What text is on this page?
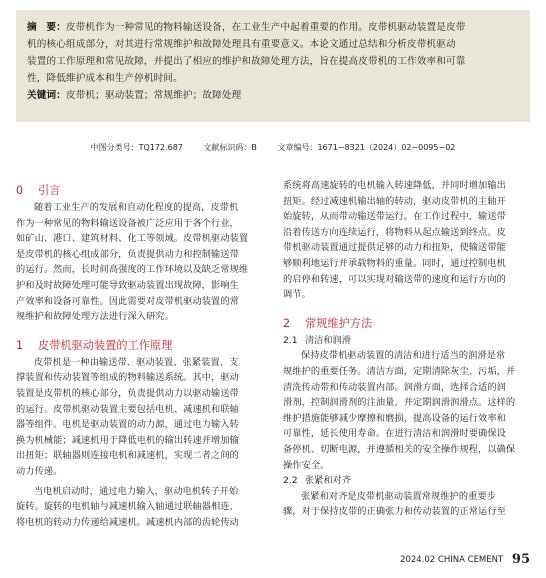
摘　要：皮带机作为一种常见的物料输送设备，在工业生产中起着重要的作用。皮带机驱动装置是皮带
机的核心组成部分，对其进行常规维护和故障处理具有重要意义。本论文通过总结和分析皮带机驱动
装置的工作原理和常见故障，并提出了相应的维护和故障处理方法，旨在提高皮带机的工作效率和可靠
性，降低维护成本和生产停机时间。
关键词：皮带机；驱动装置；常规维护；故障处理
中图分类号：TQ172.687	文献标识码：B	文章编号：1671−8321（2024）02−0095−02
0 引言
随着工业生产的发展和自动化程度的提高，皮带机
作为一种常见的物料输送设备被广泛应用于各个行业，
如矿山、港口、建筑材料、化工等领域。皮带机驱动装置
是皮带机的核心组成部分，负责提供动力和控制输送带
的运行。然而，长时间高强度的工作环境以及缺乏常规维
护和及时故障处理可能导致驱动装置出现故障，影响生
产效率和设备可靠性。因此需要对皮带机驱动装置的常
规维护和故障处理方法进行深入研究。
1 皮带机驱动装置的工作原理
皮带机是一种由输送带、驱动装置、张紧装置、支
撑装置和传动装置等组成的物料输送系统。其中，驱动
装置是皮带机的核心部分，负责提供动力以驱动输送带
的运行。皮带机驱动装置主要包括电机、减速机和联轴
器等组件。电机是驱动装置的动力源，通过电力输入转
换为机械能；减速机用于降低电机的输出转速并增加输
出扭矩；联轴器则连接电机和减速机，实现二者之间的
动力传递。
当电机启动时，通过电力输入，驱动电机转子开始
旋转。旋转的电机轴与减速机输入轴通过联轴器相连，
将电机的转动力传递给减速机。减速机内部的齿轮传动
系统将高速旋转的电机输入转速降低，并同时增加输出
扭矩。经过减速机输出轴的转动，驱动皮带机的主轴开
始旋转，从而带动输送带运行。在工作过程中，输送带
沿着传送方向连续运行，将物料从起点输送到终点。皮
带机驱动装置通过提供足够的动力和扭矩，使输送带能
够顺利地运行并承载物料的重量。同时，通过控制电机
的启停和转速，可以实现对输送带的速度和运行方向的
调节。
2 常规维护方法
2.1 清洁和润滑
保持皮带机驱动装置的清洁和进行适当的润滑是常
规维护的重要任务。清洁方面，定期清除灰尘、污垢，并
清洗传动带和传动装置内部。润滑方面，选择合适的润
滑剂，控制润滑剂的注油量，并定期润滑润滑点。这样的
维护措施能够减少摩擦和磨损，提高设备的运行效率和
可靠性，延长使用寿命。在进行清洁和润滑时要确保设
备停机、切断电源，并遵循相关的安全操作规程，以确保
操作安全。
2.2 张紧和对齐
张紧和对齐是皮带机驱动装置常规维护的重要步
骤，对于保持皮带的正确张力和传动装置的正常运行至
2024.02 CHINA CEMENT 95
